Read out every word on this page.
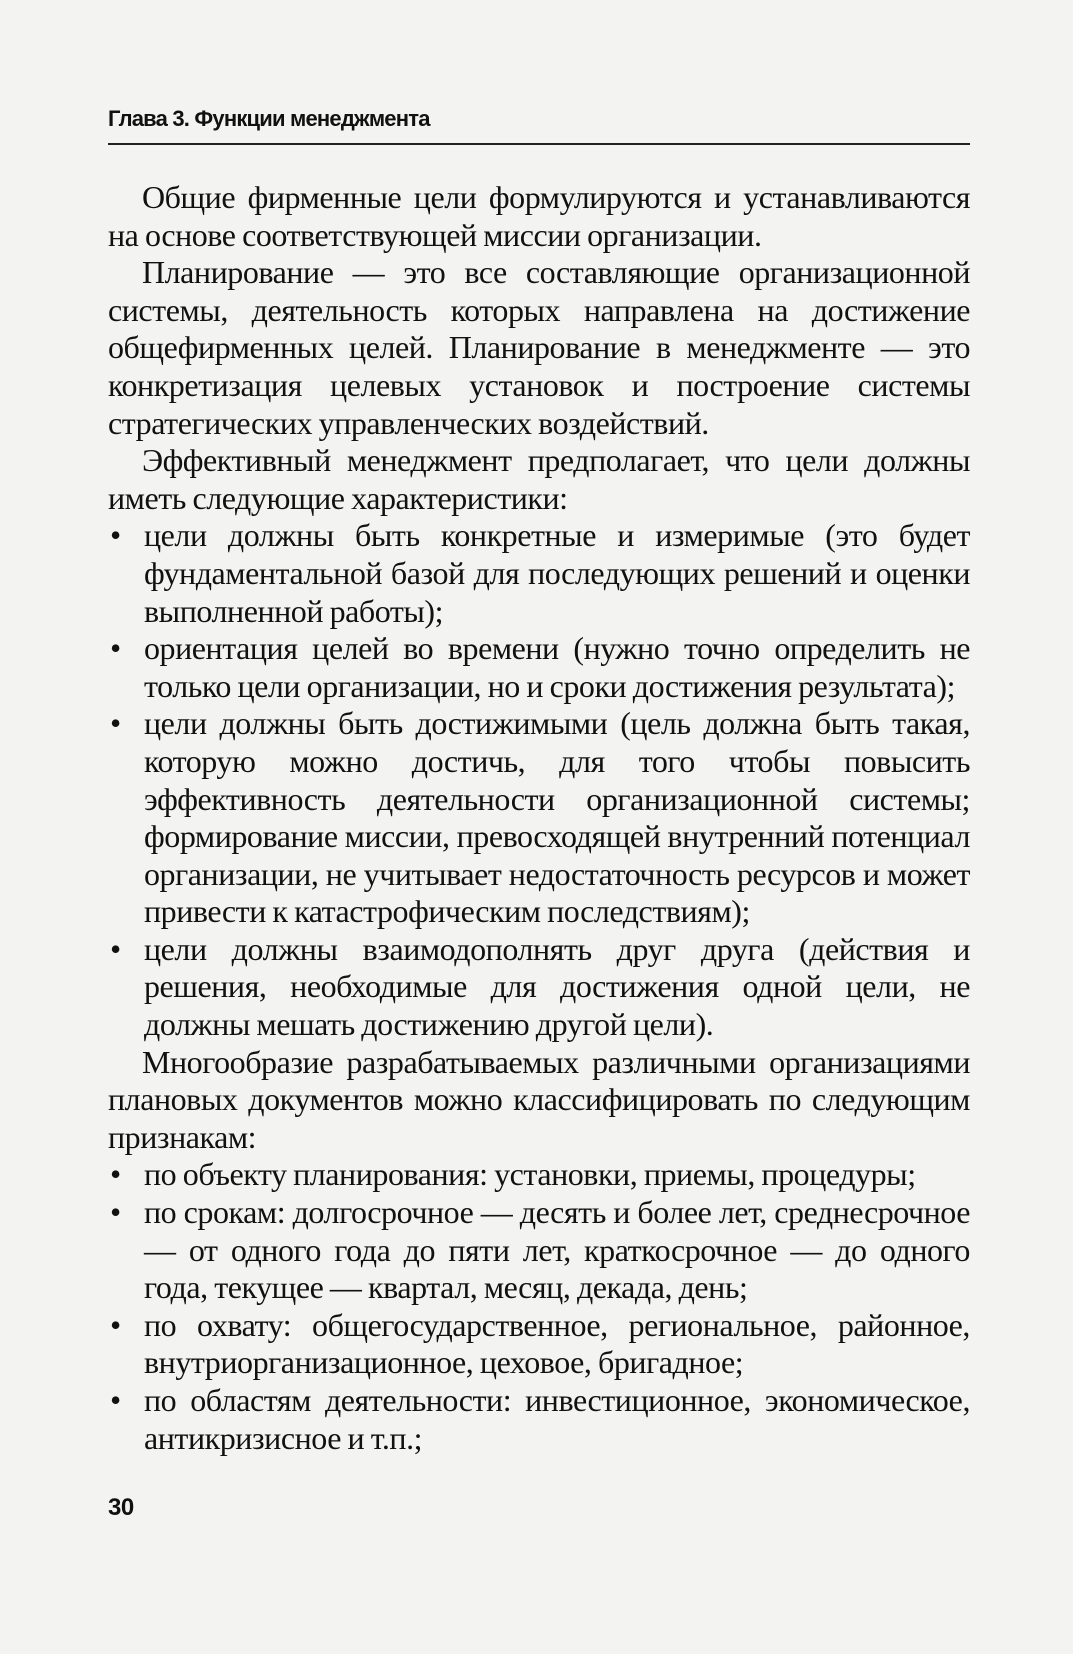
Глава 3. Функции менеджмента

Общие фирменные цели формулируются и устанавливаются на основе соответствующей миссии организации.

Планирование — это все составляющие организационной системы, деятельность которых направлена на достижение общефирменных целей. Планирование в менеджменте — это конкретизация целевых установок и построение системы стратегических управленческих воздействий.

Эффективный менеджмент предполагает, что цели должны иметь следующие характеристики:

• цели должны быть конкретные и измеримые (это будет фундаментальной базой для последующих решений и оценки выполненной работы);
• ориентация целей во времени (нужно точно определить не только цели организации, но и сроки достижения результата);
• цели должны быть достижимыми (цель должна быть такая, которую можно достичь, для того чтобы повысить эффективность деятельности организационной системы; формирование миссии, превосходящей внутренний потенциал организации, не учитывает недостаточность ресурсов и может привести к катастрофическим последствиям);
• цели должны взаимодополнять друг друга (действия и решения, необходимые для достижения одной цели, не должны мешать достижению другой цели).

Многообразие разрабатываемых различными организациями плановых документов можно классифицировать по следующим признакам:

• по объекту планирования: установки, приемы, процедуры;
• по срокам: долгосрочное — десять и более лет, среднесрочное — от одного года до пяти лет, краткосрочное — до одного года, текущее — квартал, месяц, декада, день;
• по охвату: общегосударственное, региональное, районное, внутриорганизационное, цеховое, бригадное;
• по областям деятельности: инвестиционное, экономическое, антикризисное и т.п.;
30
